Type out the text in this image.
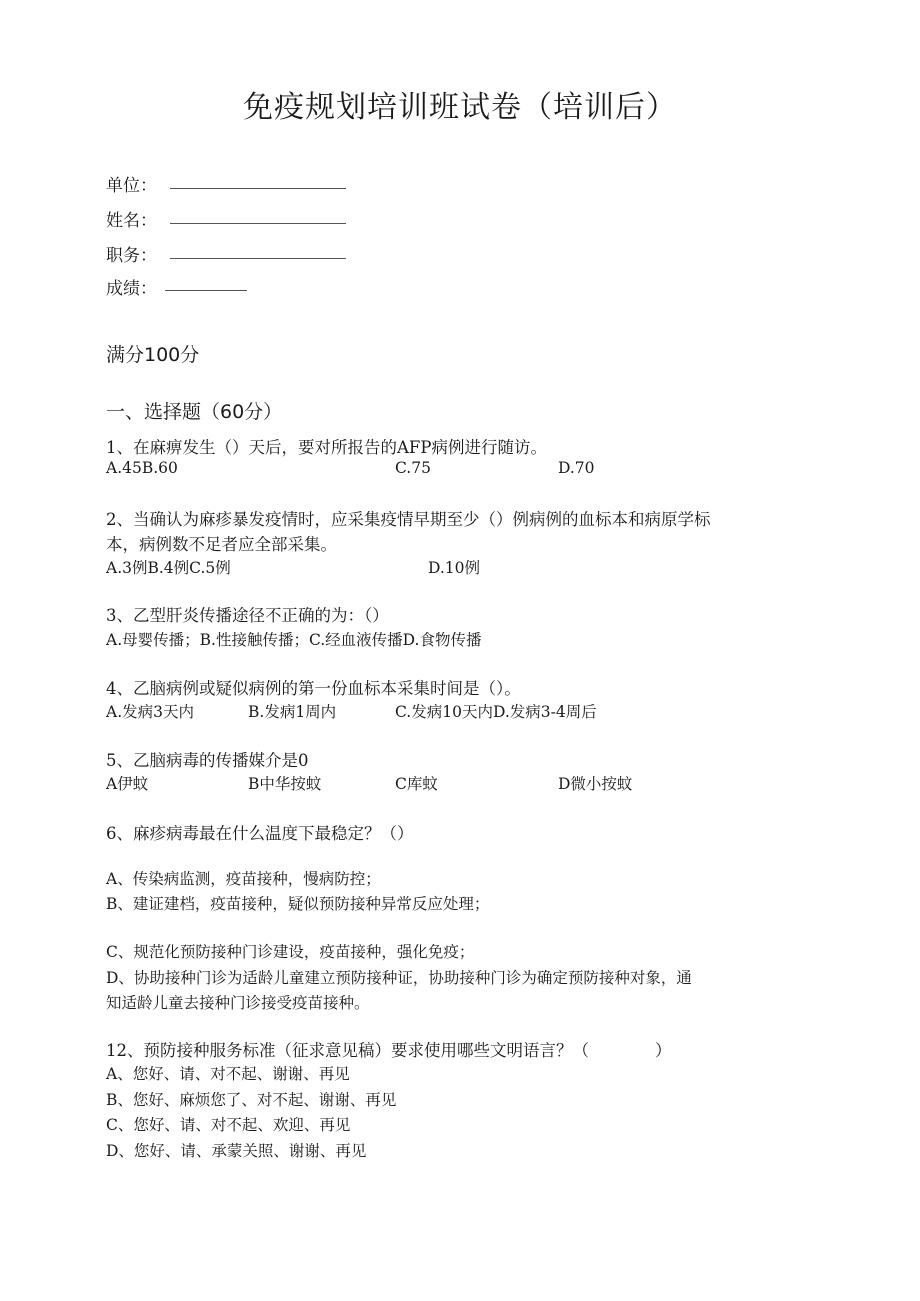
免疫规划培训班试卷（培训后）
单位：
姓名：
职务：
成绩：
满分100分
一、选择题（60分）
1、在麻痹发生（）天后，要对所报告的AFP病例进行随访。
A.45B.60	C.75	D.70
2、当确认为麻疹暴发疫情时，应采集疫情早期至少（）例病例的血标本和病原学标
本，病例数不足者应全部采集。
A.3例B.4例C.5例	D.10例
3、乙型肝炎传播途径不正确的为：（）
A.母婴传播；B.性接触传播；C.经血液传播D.食物传播
4、乙脑病例或疑似病例的第一份血标本采集时间是（）。
A.发病3天内	B.发病1周内	C.发病10天内D.发病3-4周后
5、乙脑病毒的传播媒介是0
A伊蚊	B中华按蚊	C库蚊	D微小按蚊
6、麻疹病毒最在什么温度下最稳定？（）
A、传染病监测，疫苗接种，慢病防控；
B、建证建档，疫苗接种，疑似预防接种异常反应处理；
C、规范化预防接种门诊建设，疫苗接种，强化免疫；
D、协助接种门诊为适龄儿童建立预防接种证，协助接种门诊为确定预防接种对象，通
知适龄儿童去接种门诊接受疫苗接种。
12、预防接种服务标准（征求意见稿）要求使用哪些文明语言？（　　　　）
A、您好、请、对不起、谢谢、再见
B、您好、麻烦您了、对不起、谢谢、再见
C、您好、请、对不起、欢迎、再见
D、您好、请、承蒙关照、谢谢、再见
